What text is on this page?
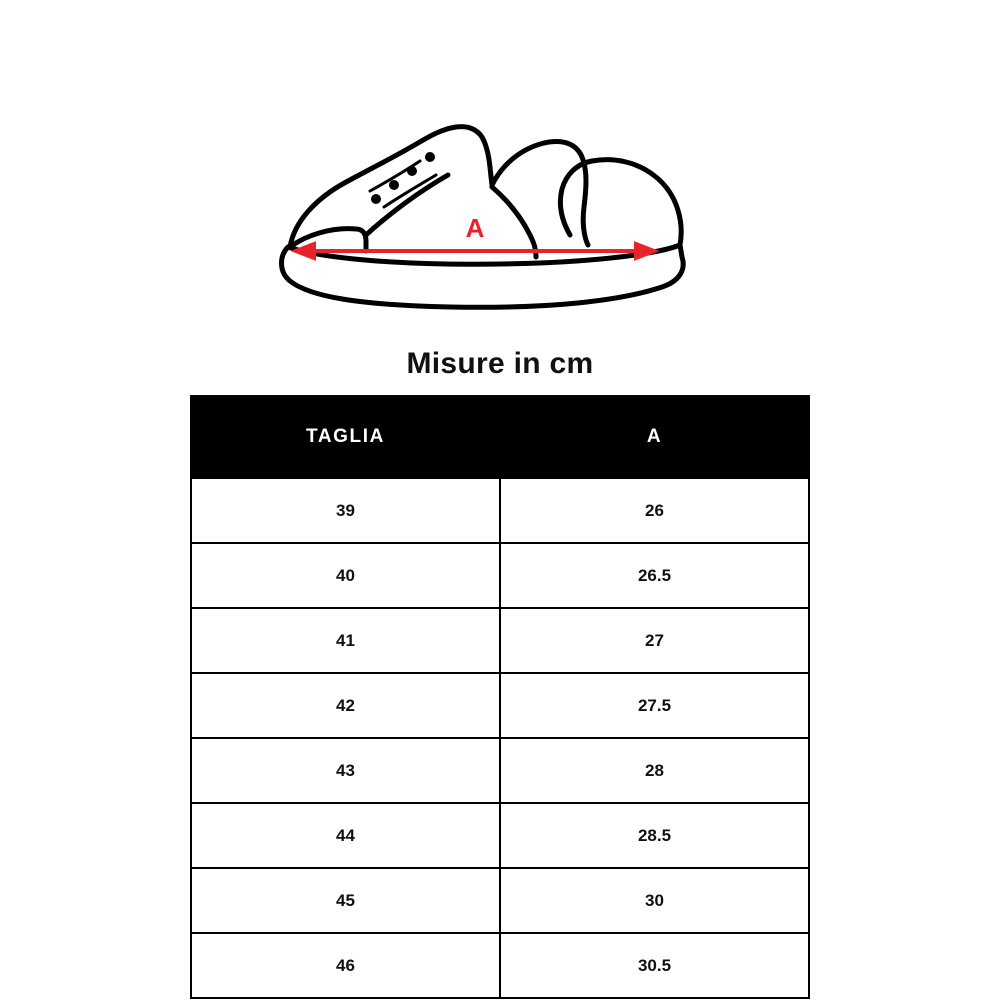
A
Misure in cm
TAGLIA	A
39	26
40	26.5
41	27
42	27.5
43	28
44	28.5
45	30
46	30.5
